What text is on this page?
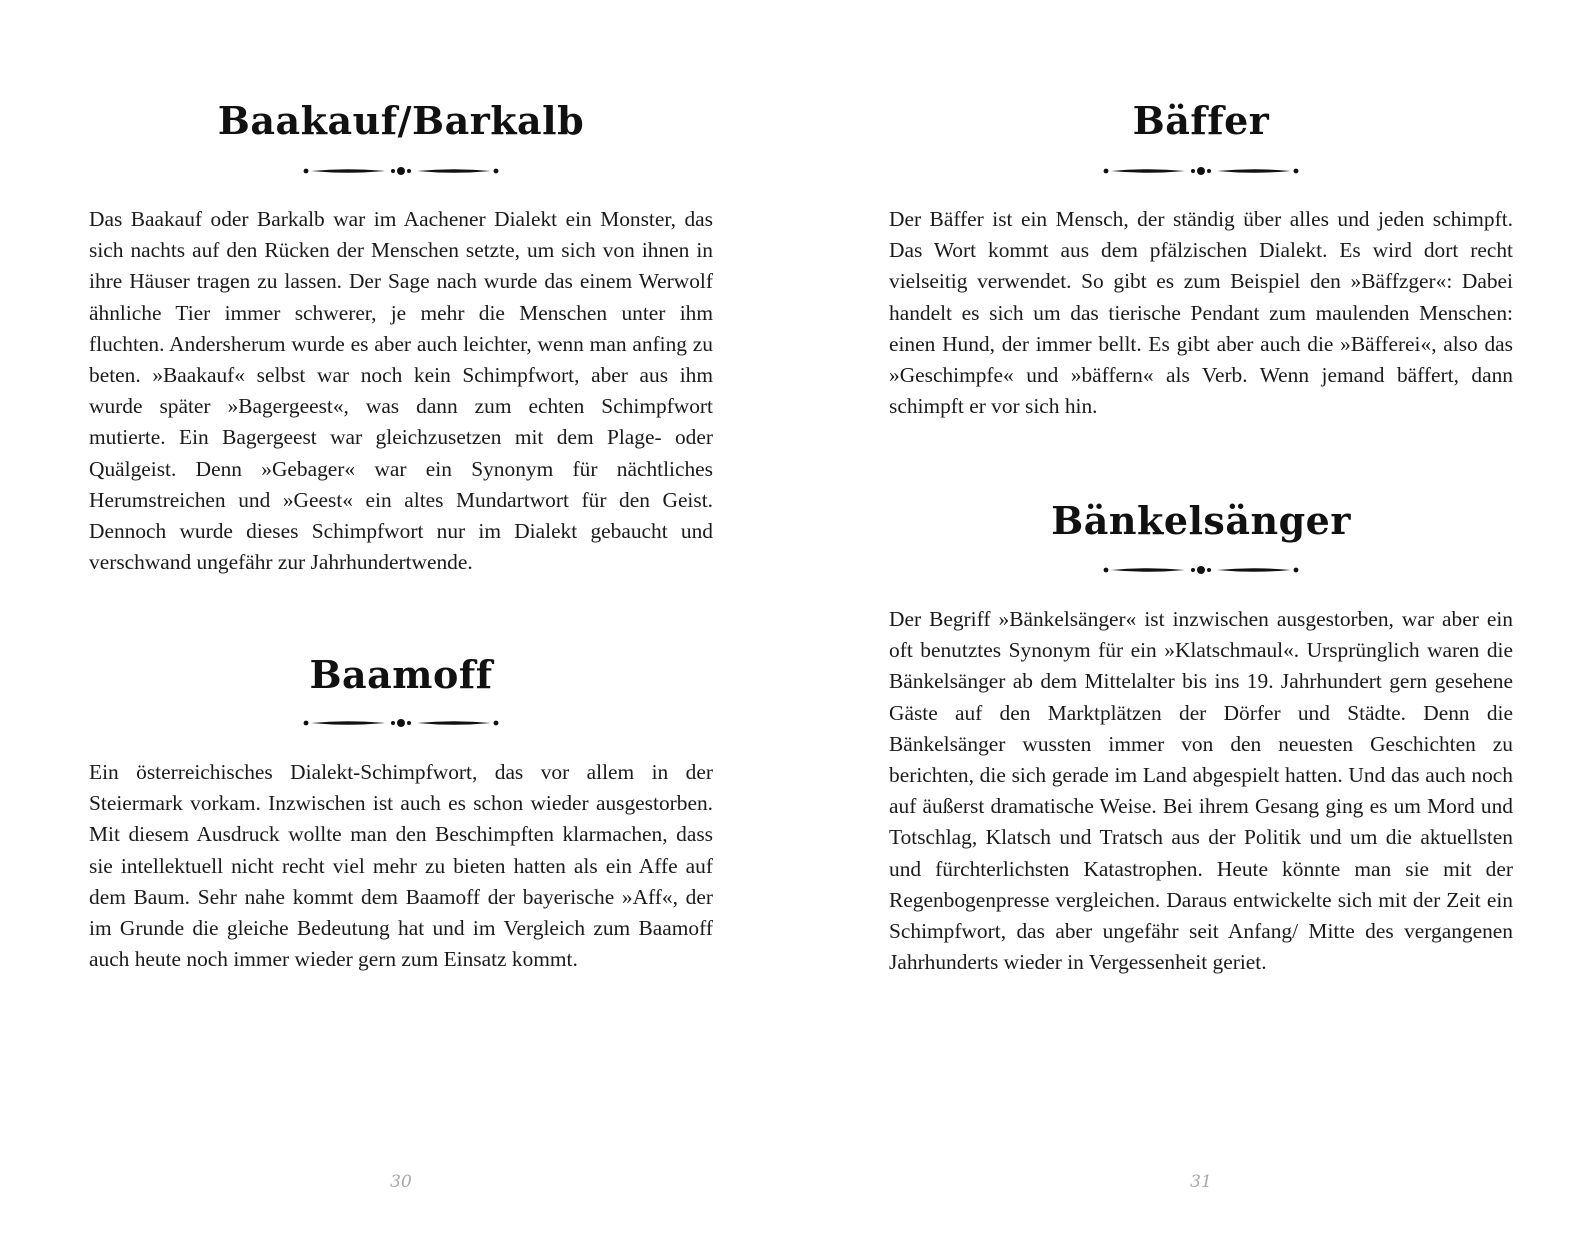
Baakauf/Barkalb

Das Baakauf oder Barkalb war im Aachener Dialekt ein Monster, das sich nachts auf den Rücken der Menschen setzte, um sich von ihnen in ihre Häuser tragen zu lassen. Der Sage nach wurde das einem Werwolf ähnliche Tier immer schwerer, je mehr die Menschen unter ihm fluchten. Andersherum wurde es aber auch leichter, wenn man anfing zu beten. »Baakauf« selbst war noch kein Schimpfwort, aber aus ihm wurde später »Bagergeest«, was dann zum echten Schimpfwort mutierte. Ein Bagergeest war gleichzusetzen mit dem Plage- oder Quälgeist. Denn »Gebager« war ein Synonym für nächtliches Herumstreichen und »Geest« ein altes Mundartwort für den Geist. Dennoch wurde dieses Schimpfwort nur im Dialekt gebaucht und verschwand ungefähr zur Jahrhundertwende.

Baamoff

Ein österreichisches Dialekt-Schimpfwort, das vor allem in der Steiermark vorkam. Inzwischen ist auch es schon wieder ausgestorben. Mit diesem Ausdruck wollte man den Beschimpften klarmachen, dass sie intellektuell nicht recht viel mehr zu bieten hatten als ein Affe auf dem Baum. Sehr nahe kommt dem Baamoff der bayerische »Aff«, der im Grunde die gleiche Bedeutung hat und im Vergleich zum Baamoff auch heute noch immer wieder gern zum Einsatz kommt.

30
Bäffer

Der Bäffer ist ein Mensch, der ständig über alles und jeden schimpft. Das Wort kommt aus dem pfälzischen Dialekt. Es wird dort recht vielseitig verwendet. So gibt es zum Beispiel den »Bäffzger«: Dabei handelt es sich um das tierische Pendant zum maulenden Menschen: einen Hund, der immer bellt. Es gibt aber auch die »Bäfferei«, also das »Geschimpfe« und »bäffern« als Verb. Wenn jemand bäffert, dann schimpft er vor sich hin.

Bänkelsänger

Der Begriff »Bänkelsänger« ist inzwischen ausgestorben, war aber ein oft benutztes Synonym für ein »Klatschmaul«. Ursprünglich waren die Bänkelsänger ab dem Mittelalter bis ins 19. Jahrhundert gern gesehene Gäste auf den Marktplätzen der Dörfer und Städte. Denn die Bänkelsänger wussten immer von den neuesten Geschichten zu berichten, die sich gerade im Land abgespielt hatten. Und das auch noch auf äußerst dramatische Weise. Bei ihrem Gesang ging es um Mord und Totschlag, Klatsch und Tratsch aus der Politik und um die aktuellsten und fürchterlichsten Katastrophen. Heute könnte man sie mit der Regenbogenpresse vergleichen. Daraus entwickelte sich mit der Zeit ein Schimpfwort, das aber ungefähr seit Anfang/ Mitte des vergangenen Jahrhunderts wieder in Vergessenheit geriet.

31
